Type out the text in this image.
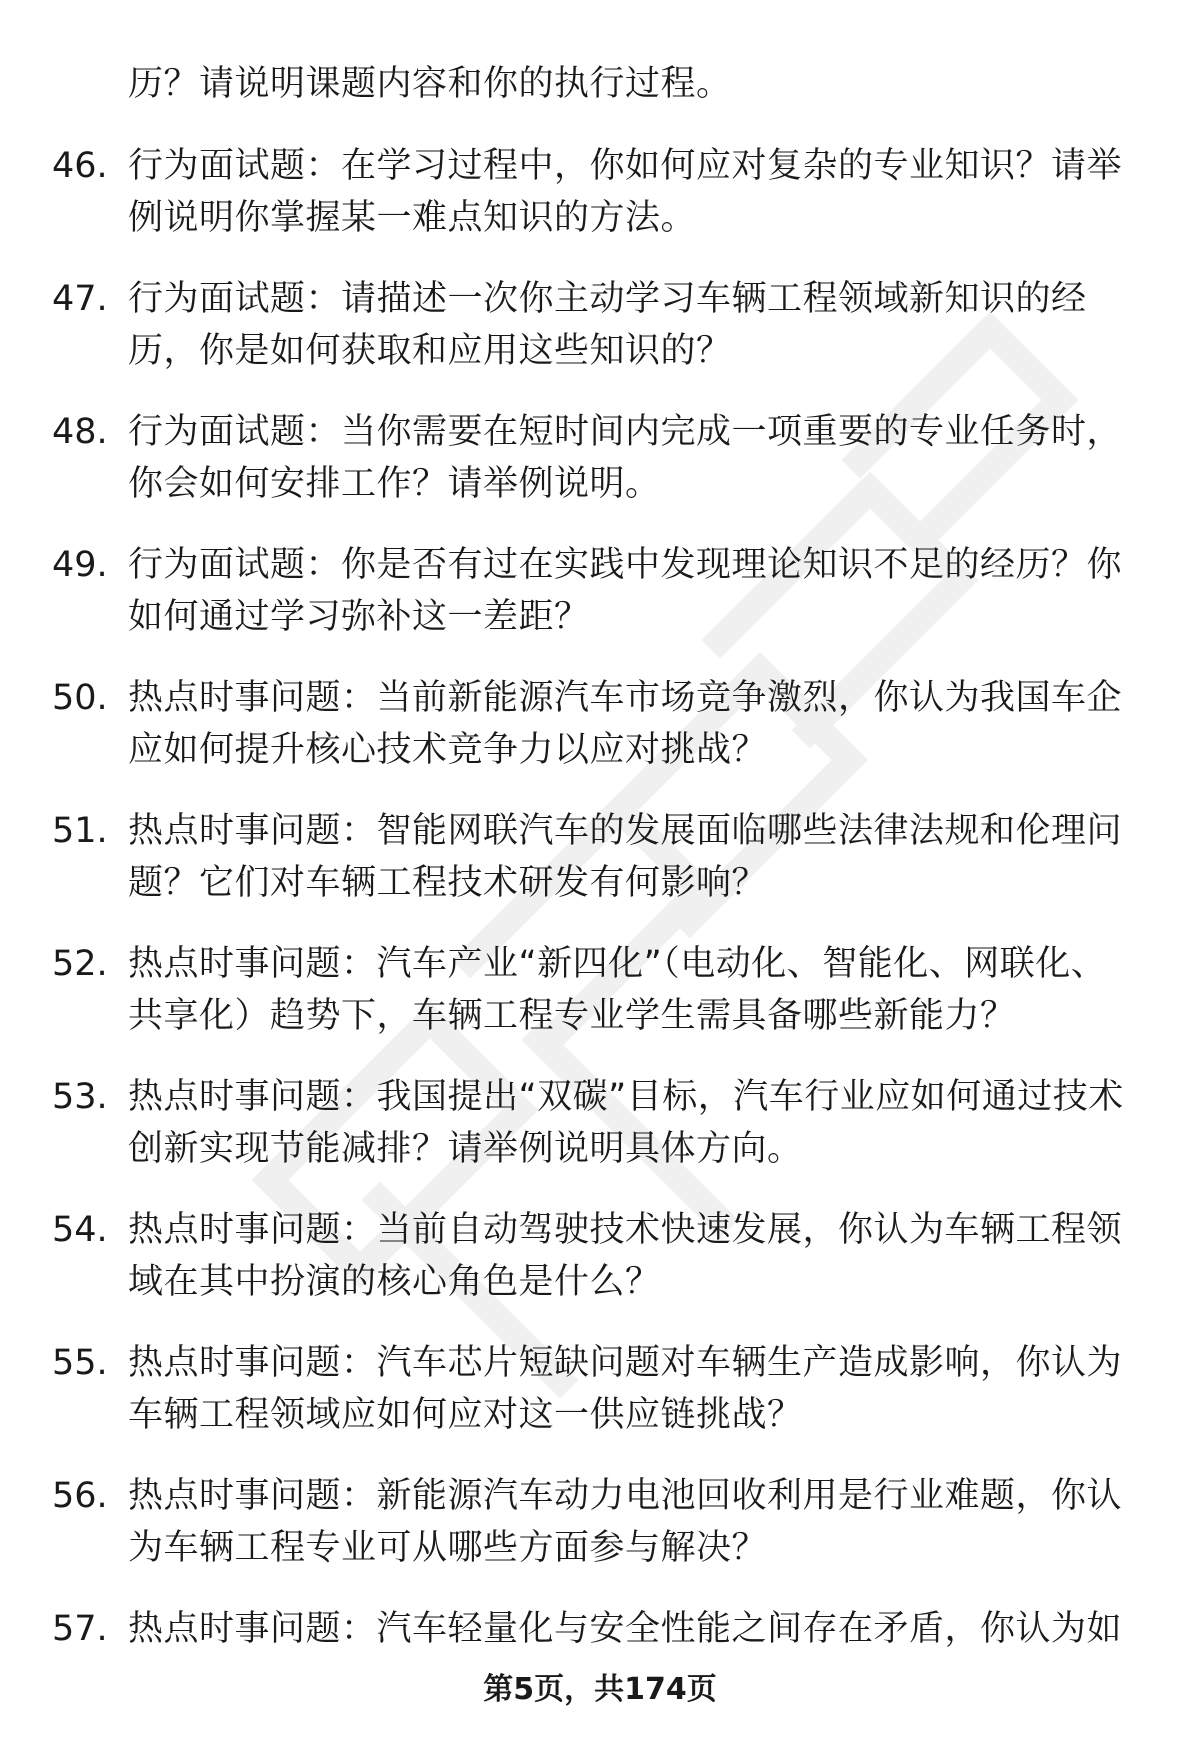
历？请说明课题内容和你的执行过程。
46. 行为面试题：在学习过程中，你如何应对复杂的专业知识？请举例说明你掌握某一难点知识的方法。
47. 行为面试题：请描述一次你主动学习车辆工程领域新知识的经历，你是如何获取和应用这些知识的？
48. 行为面试题：当你需要在短时间内完成一项重要的专业任务时，你会如何安排工作？请举例说明。
49. 行为面试题：你是否有过在实践中发现理论知识不足的经历？你如何通过学习弥补这一差距？
50. 热点时事问题：当前新能源汽车市场竞争激烈，你认为我国车企应如何提升核心技术竞争力以应对挑战？
51. 热点时事问题：智能网联汽车的发展面临哪些法律法规和伦理问题？它们对车辆工程技术研发有何影响？
52. 热点时事问题：汽车产业“新四化”（电动化、智能化、网联化、共享化）趋势下，车辆工程专业学生需具备哪些新能力？
53. 热点时事问题：我国提出“双碳”目标，汽车行业应如何通过技术创新实现节能减排？请举例说明具体方向。
54. 热点时事问题：当前自动驾驶技术快速发展，你认为车辆工程领域在其中扮演的核心角色是什么？
55. 热点时事问题：汽车芯片短缺问题对车辆生产造成影响，你认为车辆工程领域应如何应对这一供应链挑战？
56. 热点时事问题：新能源汽车动力电池回收利用是行业难题，你认为车辆工程专业可从哪些方面参与解决？
57. 热点时事问题：汽车轻量化与安全性能之间存在矛盾，你认为如
第5页，共174页
